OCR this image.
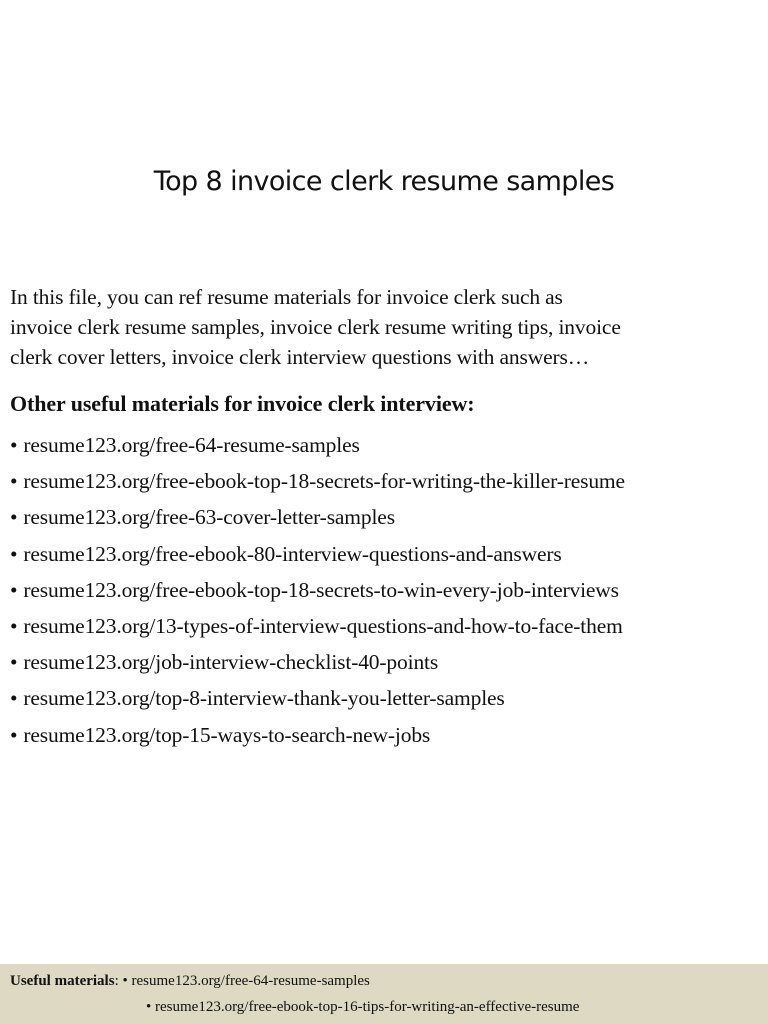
Top 8 invoice clerk resume samples
In this file, you can ref resume materials for invoice clerk such as
invoice clerk resume samples, invoice clerk resume writing tips, invoice
clerk cover letters, invoice clerk interview questions with answers…
Other useful materials for invoice clerk interview:
• resume123.org/free-64-resume-samples
• resume123.org/free-ebook-top-18-secrets-for-writing-the-killer-resume
• resume123.org/free-63-cover-letter-samples
• resume123.org/free-ebook-80-interview-questions-and-answers
• resume123.org/free-ebook-top-18-secrets-to-win-every-job-interviews
• resume123.org/13-types-of-interview-questions-and-how-to-face-them
• resume123.org/job-interview-checklist-40-points
• resume123.org/top-8-interview-thank-you-letter-samples
• resume123.org/top-15-ways-to-search-new-jobs
Useful materials: • resume123.org/free-64-resume-samples
• resume123.org/free-ebook-top-16-tips-for-writing-an-effective-resume
